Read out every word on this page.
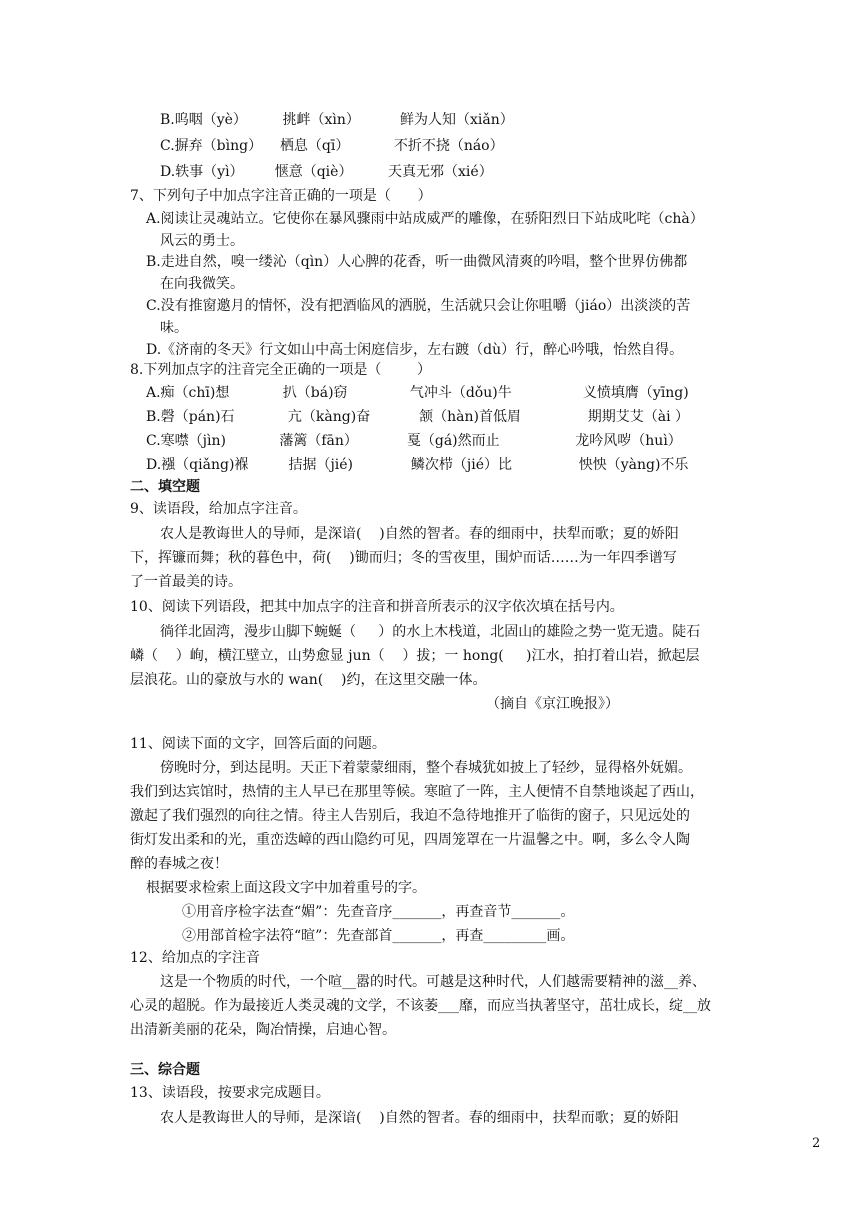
B.呜咽（yè）        挑衅（xìn）         鲜为人知（xiǎn）
C.摒弃（bìng）    栖息（qī）          不折不挠（náo）
D.轶事（yì）       惬意（qiè）        天真无邪（xié）
7、下列句子中加点字注音正确的一项是（      ）
A.阅读让灵魂站立。它使你在暴风骤雨中站成威严的雕像，在骄阳烈日下站成叱咤（chà）
风云的勇士。
B.走进自然，嗅一缕沁（qìn）人心脾的花香，听一曲微风清爽的吟唱，整个世界仿佛都
在向我微笑。
C.没有推窗邀月的情怀，没有把酒临风的洒脱，生活就只会让你咀嚼（jiáo）出淡淡的苦
味。
D.《济南的冬天》行文如山中高士闲庭信步，左右踱（dù）行，醉心吟哦，怡然自得。
8.下列加点字的注音完全正确的一项是（        ）
A.痴（chī)想            扒（bá)窃              气冲斗（dǒu)牛                义愤填膺（yīng)
B.磬（pán)石            亢（kàng)奋           颔（hàn)首低眉               期期艾艾（ài ）
C.寒噤（jìn)            藩篱（fān）           戛（gá)然而止                 龙吟风哕（huì）
D.襁（qiǎng)褓         拮据（jié)             鳞次栉（jié）比               怏怏（yàng)不乐
二、填空题
9、读语段，给加点字注音。
农人是教诲世人的导师，是深谙(    )自然的智者。春的细雨中，扶犁而歌；夏的娇阳
下，挥镰而舞；秋的暮色中，荷(    )锄而归；冬的雪夜里，围炉而话……为一年四季谱写
了一首最美的诗。
10、阅读下列语段，把其中加点字的注音和拼音所表示的汉字依次填在括号内。
徜徉北固湾，漫步山脚下蜿蜒（     ）的水上木栈道，北固山的雄险之势一览无遗。陡石
嶙（    ）峋，横江壁立，山势愈显 jun（    ）拔；一 hong(     )江水，拍打着山岩，掀起层
层浪花。山的豪放与水的 wan(    )约，在这里交融一体。
（摘自《京江晚报》）
11、阅读下面的文字，回答后面的问题。
傍晚时分，到达昆明。天正下着蒙蒙细雨，整个春城犹如披上了轻纱，显得格外妩媚。
我们到达宾馆时，热情的主人早已在那里等候。寒暄了一阵，主人便情不自禁地谈起了西山，
激起了我们强烈的向往之情。待主人告别后，我迫不急待地推开了临街的窗子，只见远处的
街灯发出柔和的光，重峦迭嶂的西山隐约可见，四周笼罩在一片温馨之中。啊，多么令人陶
醉的春城之夜！
根据要求检索上面这段文字中加着重号的字。
①用音序检字法查“媚”：先查音序_______，再查音节_______。
②用部首检字法符“暄”：先查部首_______，再查_________画。
12、给加点的字注音
这是一个物质的时代，一个喧__嚣的时代。可越是这种时代，人们越需要精神的滋__养、
心灵的超脱。作为最接近人类灵魂的文学，不该萎___靡，而应当执著坚守，茁壮成长，绽__放
出清新美丽的花朵，陶冶情操，启迪心智。
三、综合题
13、读语段，按要求完成题目。
农人是教诲世人的导师，是深谙(    )自然的智者。春的细雨中，扶犁而歌；夏的娇阳
2
